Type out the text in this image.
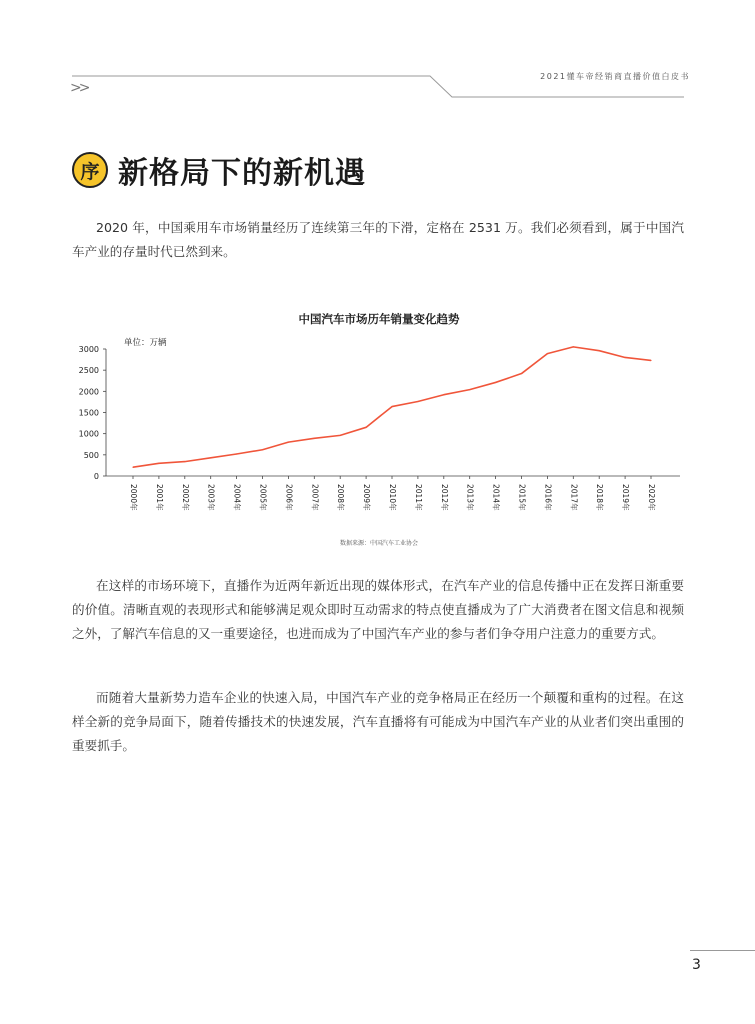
2021懂车帝经销商直播价值白皮书
>>
序 新格局下的新机遇
2020 年，中国乘用车市场销量经历了连续第三年的下滑，定格在 2531 万。我们必须看到，属于中国汽车产业的存量时代已然到来。
中国汽车市场历年销量变化趋势
单位：万辆
0
500
1000
1500
2000
2500
3000
2000年 2001年 2002年 2003年 2004年 2005年 2006年 2007年 2008年 2009年 2010年 2011年 2012年 2013年 2014年 2015年 2016年 2017年 2018年 2019年 2020年
数据来源：中国汽车工业协会
在这样的市场环境下，直播作为近两年新近出现的媒体形式，在汽车产业的信息传播中正在发挥日渐重要的价值。清晰直观的表现形式和能够满足观众即时互动需求的特点使直播成为了广大消费者在图文信息和视频之外，了解汽车信息的又一重要途径，也进而成为了中国汽车产业的参与者们争夺用户注意力的重要方式。
而随着大量新势力造车企业的快速入局，中国汽车产业的竞争格局正在经历一个颠覆和重构的过程。在这样全新的竞争局面下，随着传播技术的快速发展，汽车直播将有可能成为中国汽车产业的从业者们突出重围的重要抓手。
3
